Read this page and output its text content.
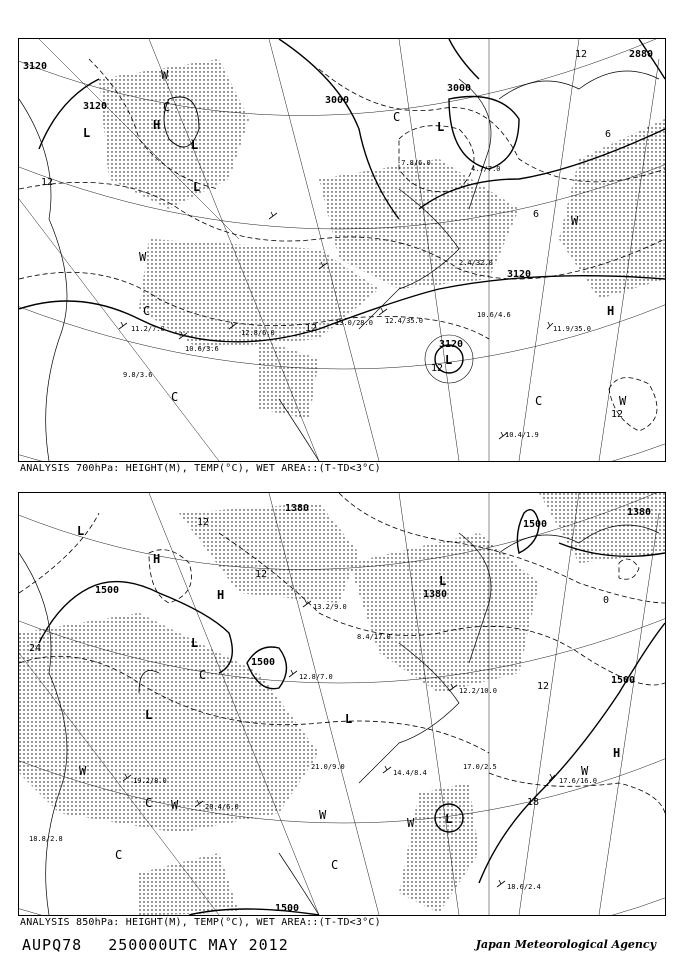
3120
3120
3000
3000
2880
3120
3120
12
12
12
12
6
6
12
L
H
L
L
C
L
C	H
C
W
W
C
W
L
C	W
11.2/7.0
10.6/3.6
12.4/35.0
10.6/4.6
11.9/35.0
10.4/1.9
13.0/28.0
12.8/6.0
9.8/3.6
-7.8/6.0
2.4/32.0
4.7/7.0
ANALYSIS 700hPa: HEIGHT(M), TEMP(°C), WET AREA::(T-TD<3°C)
1380	1380
1500
1500
1500
1380
1500
1500
12
12
24
0
12
18
L
H
H
L
L	L
L
L
H
W
W
C
W
W
C
C
W
C
19.2/8.0
18.8/2.8
17.6/16.0
18.6/2.4
17.0/2.5
14.4/8.4
12.2/10.0
20.4/6.0
13.2/9.0
8.4/17.0
12.8/7.0
21.0/9.0
ANALYSIS 850hPa: HEIGHT(M), TEMP(°C), WET AREA::(T-TD<3°C)
AUPQ78 250000UTC MAY 2012	Japan Meteorological Agency
